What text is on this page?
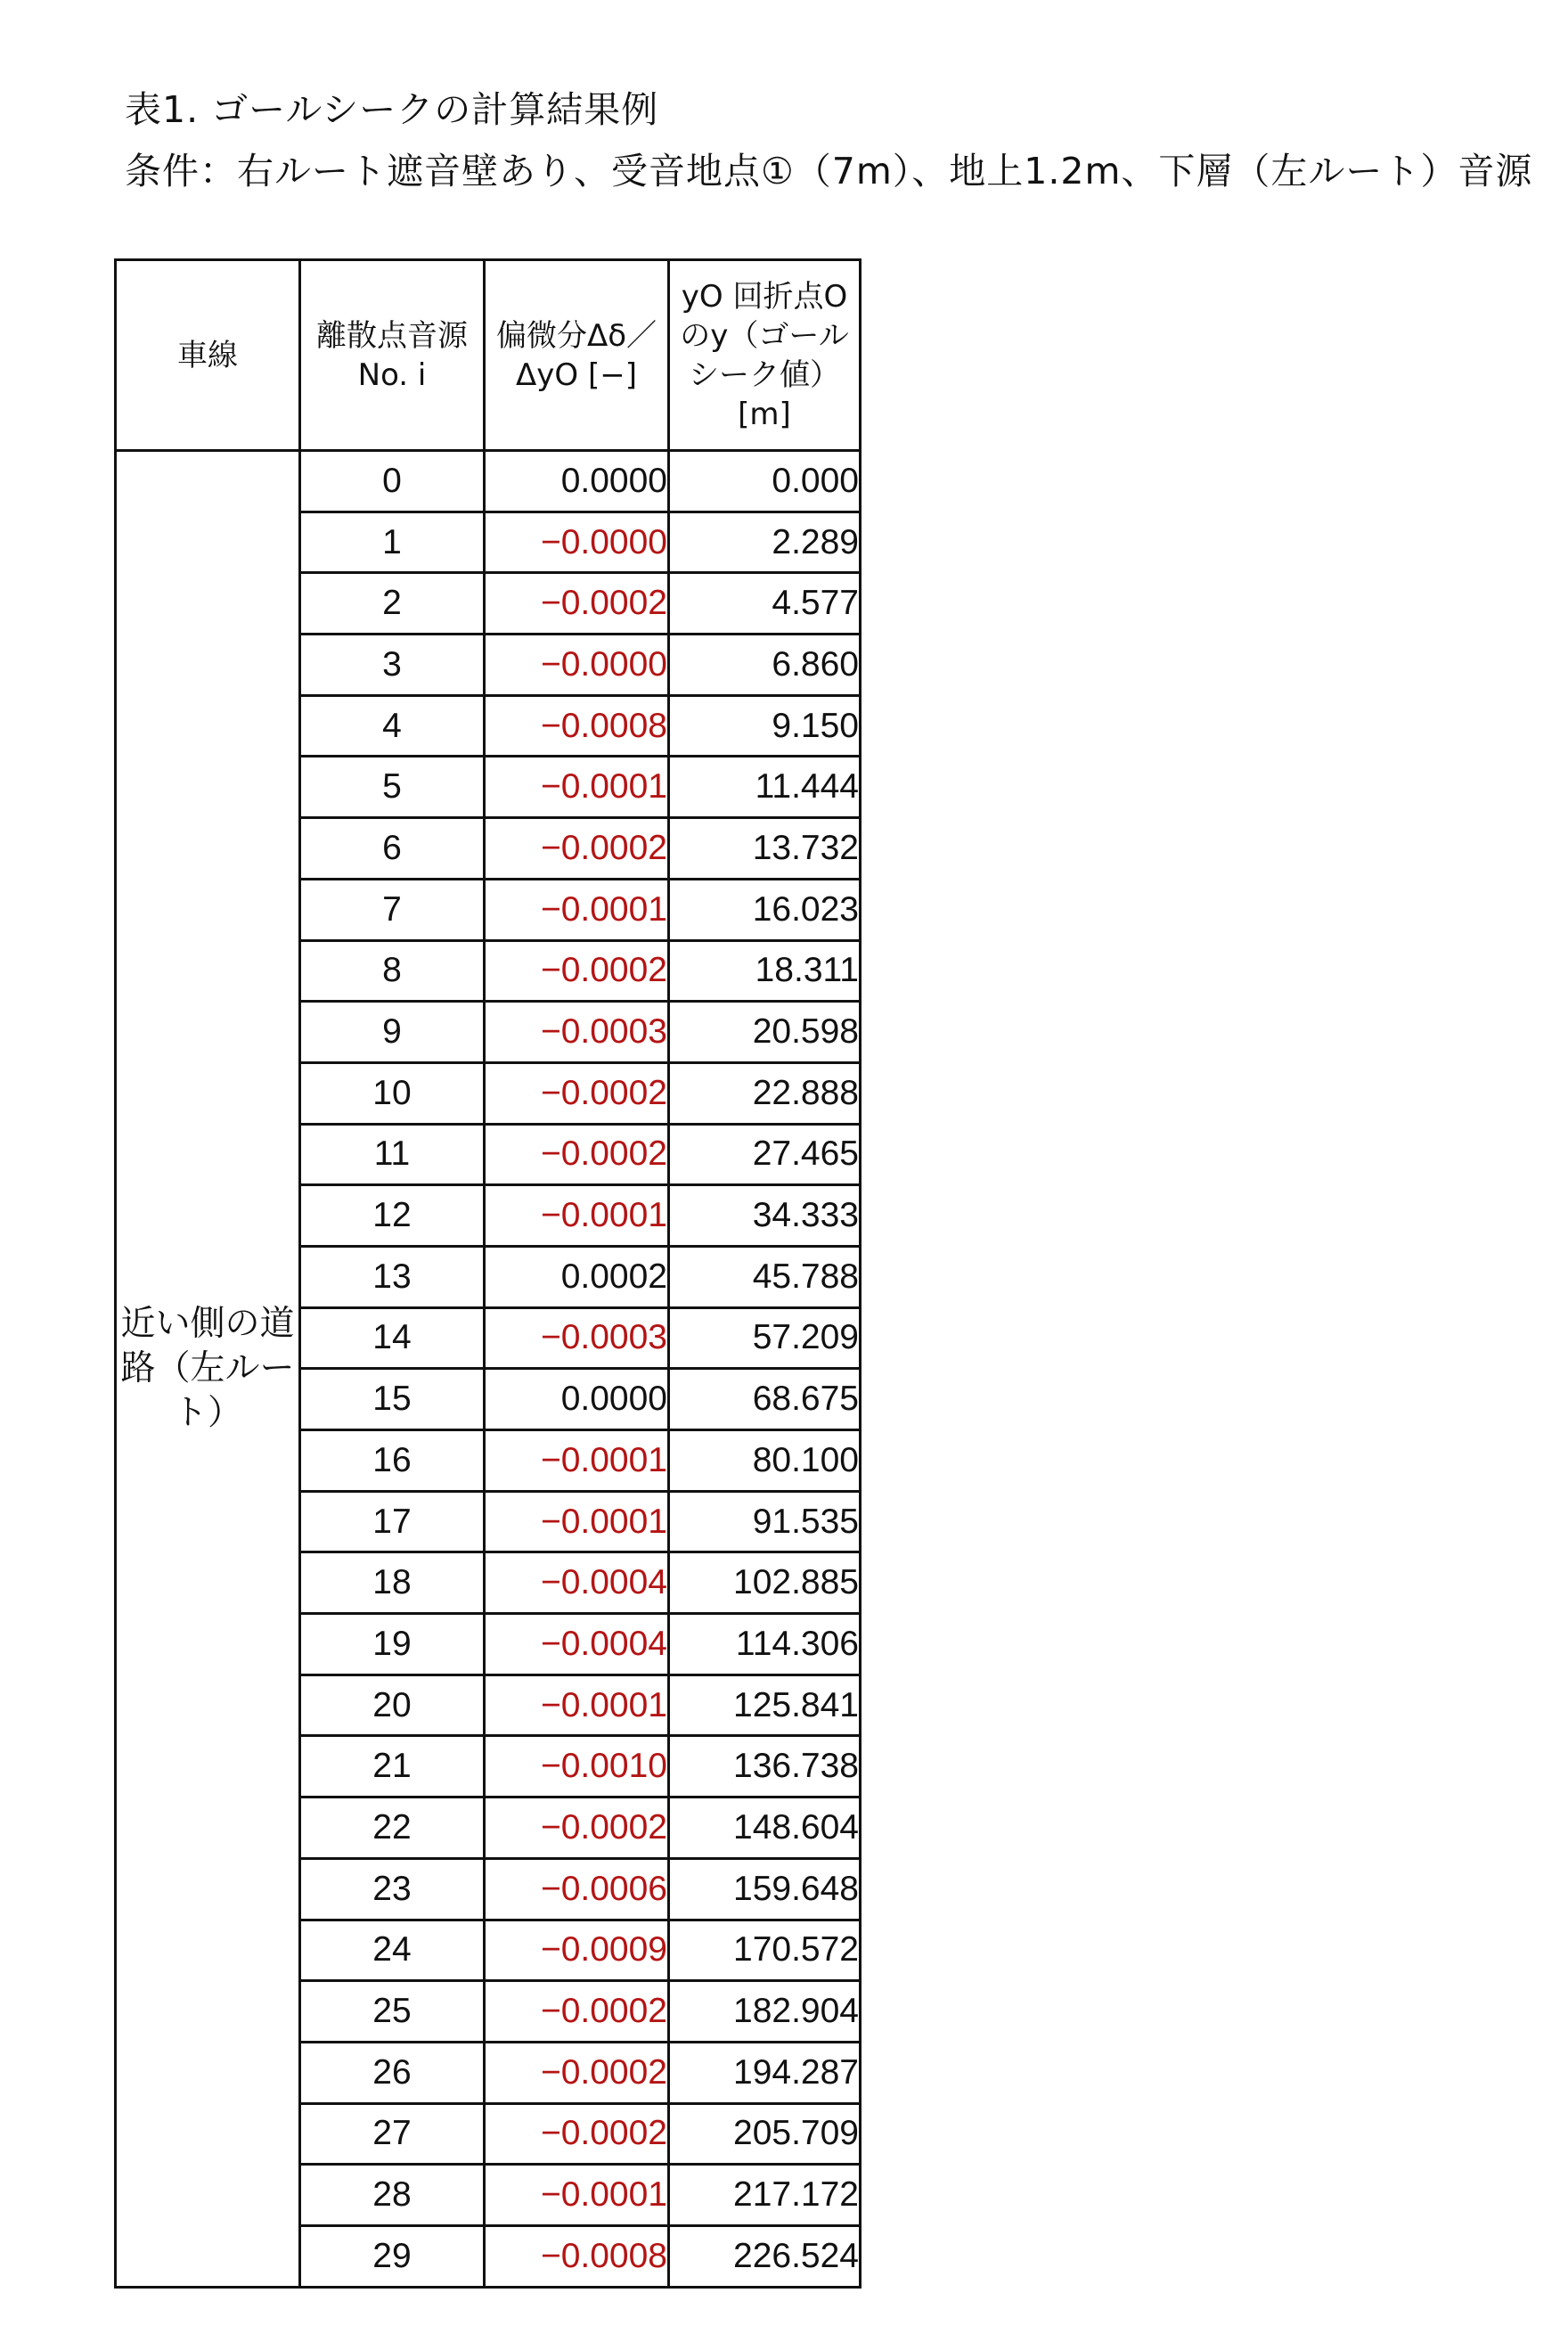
表1. ゴールシークの計算結果例
条件：右ルート遮音壁あり、受音地点①（7m）、地上1.2m、下層（左ルート）音源
車線	離散点音源No. i	偏微分Δδ／ΔyO [−]	yO 回折点Oのy（ゴールシーク値）[m]
近い側の道路（左ルート）	0	0.0000	0.000
	1	−0.0000	2.289
	2	−0.0002	4.577
	3	−0.0000	6.860
	4	−0.0008	9.150
	5	−0.0001	11.444
	6	−0.0002	13.732
	7	−0.0001	16.023
	8	−0.0002	18.311
	9	−0.0003	20.598
	10	−0.0002	22.888
	11	−0.0002	27.465
	12	−0.0001	34.333
	13	0.0002	45.788
	14	−0.0003	57.209
	15	0.0000	68.675
	16	−0.0001	80.100
	17	−0.0001	91.535
	18	−0.0004	102.885
	19	−0.0004	114.306
	20	−0.0001	125.841
	21	−0.0010	136.738
	22	−0.0002	148.604
	23	−0.0006	159.648
	24	−0.0009	170.572
	25	−0.0002	182.904
	26	−0.0002	194.287
	27	−0.0002	205.709
	28	−0.0001	217.172
	29	−0.0008	226.524
